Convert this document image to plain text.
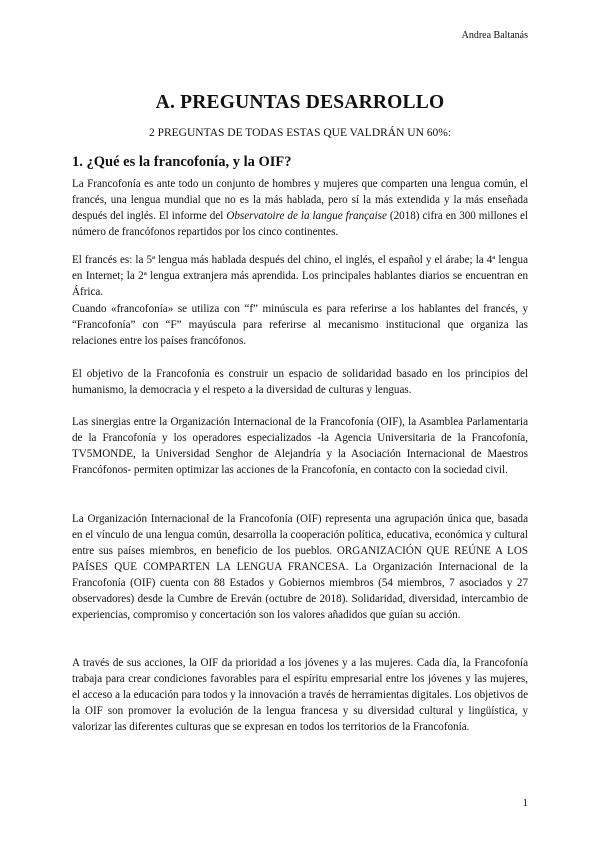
Andrea Baltanás
A. PREGUNTAS DESARROLLO
2 PREGUNTAS DE TODAS ESTAS QUE VALDRÁN UN 60%:
1. ¿Qué es la francofonía, y la OIF?

La Francofonía es ante todo un conjunto de hombres y mujeres que comparten una lengua común, el francés, una lengua mundial que no es la más hablada, pero sí la más extendida y la más enseñada después del inglés. El informe del Observatoire de la langue française (2018) cifra en 300 millones el número de francófonos repartidos por los cinco continentes.

El francés es: la 5ª lengua más hablada después del chino, el inglés, el español y el árabe; la 4ª lengua en Internet; la 2ª lengua extranjera más aprendida. Los principales hablantes diarios se encuentran en África.

Cuando «francofonía» se utiliza con “f” minúscula es para referirse a los hablantes del francés, y “Francofonía” con “F” mayúscula para referirse al mecanismo institucional que organiza las relaciones entre los países francófonos.

El objetivo de la Francofonía es construir un espacio de solidaridad basado en los principios del humanismo, la democracia y el respeto a la diversidad de culturas y lenguas.

Las sinergias entre la Organización Internacional de la Francofonía (OIF), la Asamblea Parlamentaria de la Francofonía y los operadores especializados -la Agencia Universitaria de la Francofonía, TV5MONDE, la Universidad Senghor de Alejandría y la Asociación Internacional de Maestros Francófonos- permiten optimizar las acciones de la Francofonía, en contacto con la sociedad civil.

La Organización Internacional de la Francofonía (OIF) representa una agrupación única que, basada en el vínculo de una lengua común, desarrolla la cooperación política, educativa, económica y cultural entre sus países miembros, en beneficio de los pueblos. ORGANIZACIÓN QUE REÚNE A LOS PAÍSES QUE COMPARTEN LA LENGUA FRANCESA. La Organización Internacional de la Francofonía (OIF) cuenta con 88 Estados y Gobiernos miembros (54 miembros, 7 asociados y 27 observadores) desde la Cumbre de Ereván (octubre de 2018). Solidaridad, diversidad, intercambio de experiencias, compromiso y concertación son los valores añadidos que guían su acción.

A través de sus acciones, la OIF da prioridad a los jóvenes y a las mujeres. Cada día, la Francofonía trabaja para crear condiciones favorables para el espíritu empresarial entre los jóvenes y las mujeres, el acceso a la educación para todos y la innovación a través de herramientas digitales. Los objetivos de la OIF son promover la evolución de la lengua francesa y su diversidad cultural y lingüística, y valorizar las diferentes culturas que se expresan en todos los territorios de la Francofonía.

1
